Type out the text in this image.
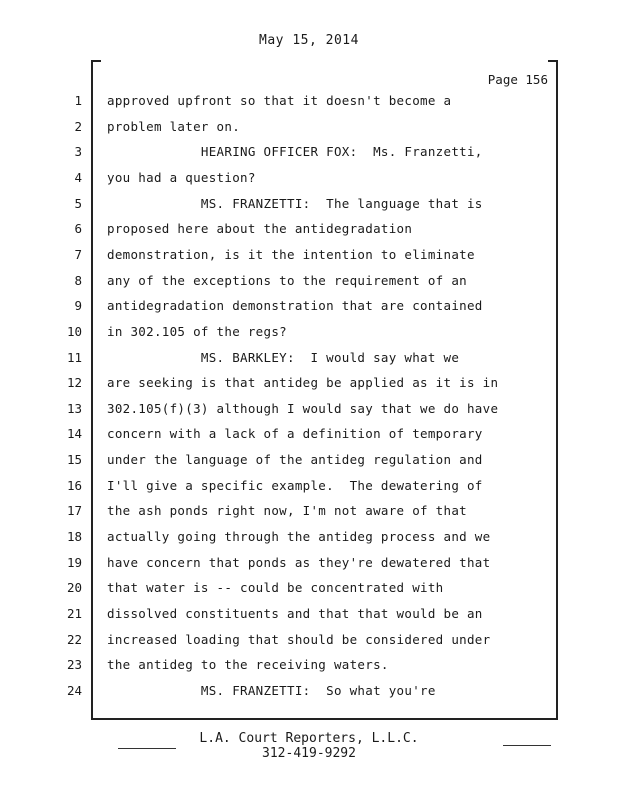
May 15, 2014
Page 156
1 approved upfront so that it doesn't become a
2 problem later on.
3 HEARING OFFICER FOX:  Ms. Franzetti,
4 you had a question?
5 MS. FRANZETTI:  The language that is
6 proposed here about the antidegradation
7 demonstration, is it the intention to eliminate
8 any of the exceptions to the requirement of an
9 antidegradation demonstration that are contained
10 in 302.105 of the regs?
11 MS. BARKLEY:  I would say what we
12 are seeking is that antideg be applied as it is in
13 302.105(f)(3) although I would say that we do have
14 concern with a lack of a definition of temporary
15 under the language of the antideg regulation and
16 I'll give a specific example.  The dewatering of
17 the ash ponds right now, I'm not aware of that
18 actually going through the antideg process and we
19 have concern that ponds as they're dewatered that
20 that water is -- could be concentrated with
21 dissolved constituents and that that would be an
22 increased loading that should be considered under
23 the antideg to the receiving waters.
24 MS. FRANZETTI:  So what you're
L.A. Court Reporters, L.L.C.
312-419-9292
